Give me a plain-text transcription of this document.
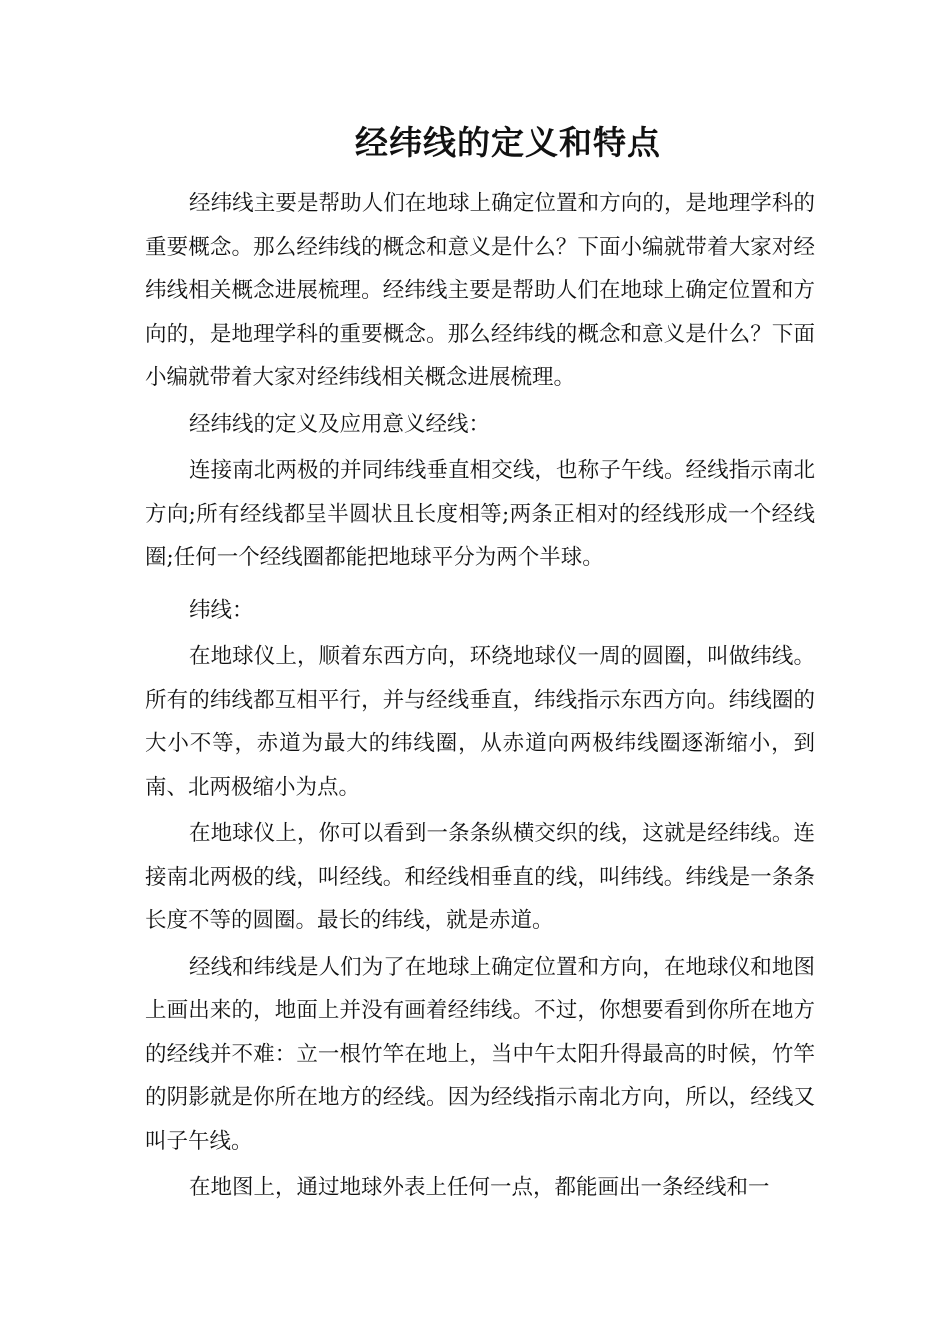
经纬线的定义和特点

经纬线主要是帮助人们在地球上确定位置和方向的，是地理学科的重要概念。那么经纬线的概念和意义是什么？下面小编就带着大家对经纬线相关概念进展梳理。经纬线主要是帮助人们在地球上确定位置和方向的，是地理学科的重要概念。那么经纬线的概念和意义是什么？下面小编就带着大家对经纬线相关概念进展梳理。

经纬线的定义及应用意义经线：

连接南北两极的并同纬线垂直相交线，也称子午线。经线指示南北方向;所有经线都呈半圆状且长度相等;两条正相对的经线形成一个经线圈;任何一个经线圈都能把地球平分为两个半球。

纬线：

在地球仪上，顺着东西方向，环绕地球仪一周的圆圈，叫做纬线。所有的纬线都互相平行，并与经线垂直，纬线指示东西方向。纬线圈的大小不等，赤道为最大的纬线圈，从赤道向两极纬线圈逐渐缩小，到南、北两极缩小为点。

在地球仪上，你可以看到一条条纵横交织的线，这就是经纬线。连接南北两极的线，叫经线。和经线相垂直的线，叫纬线。纬线是一条条长度不等的圆圈。最长的纬线，就是赤道。

经线和纬线是人们为了在地球上确定位置和方向，在地球仪和地图上画出来的，地面上并没有画着经纬线。不过，你想要看到你所在地方的经线并不难：立一根竹竿在地上，当中午太阳升得最高的时候，竹竿的阴影就是你所在地方的经线。因为经线指示南北方向，所以，经线又叫子午线。

在地图上，通过地球外表上任何一点，都能画出一条经线和一
